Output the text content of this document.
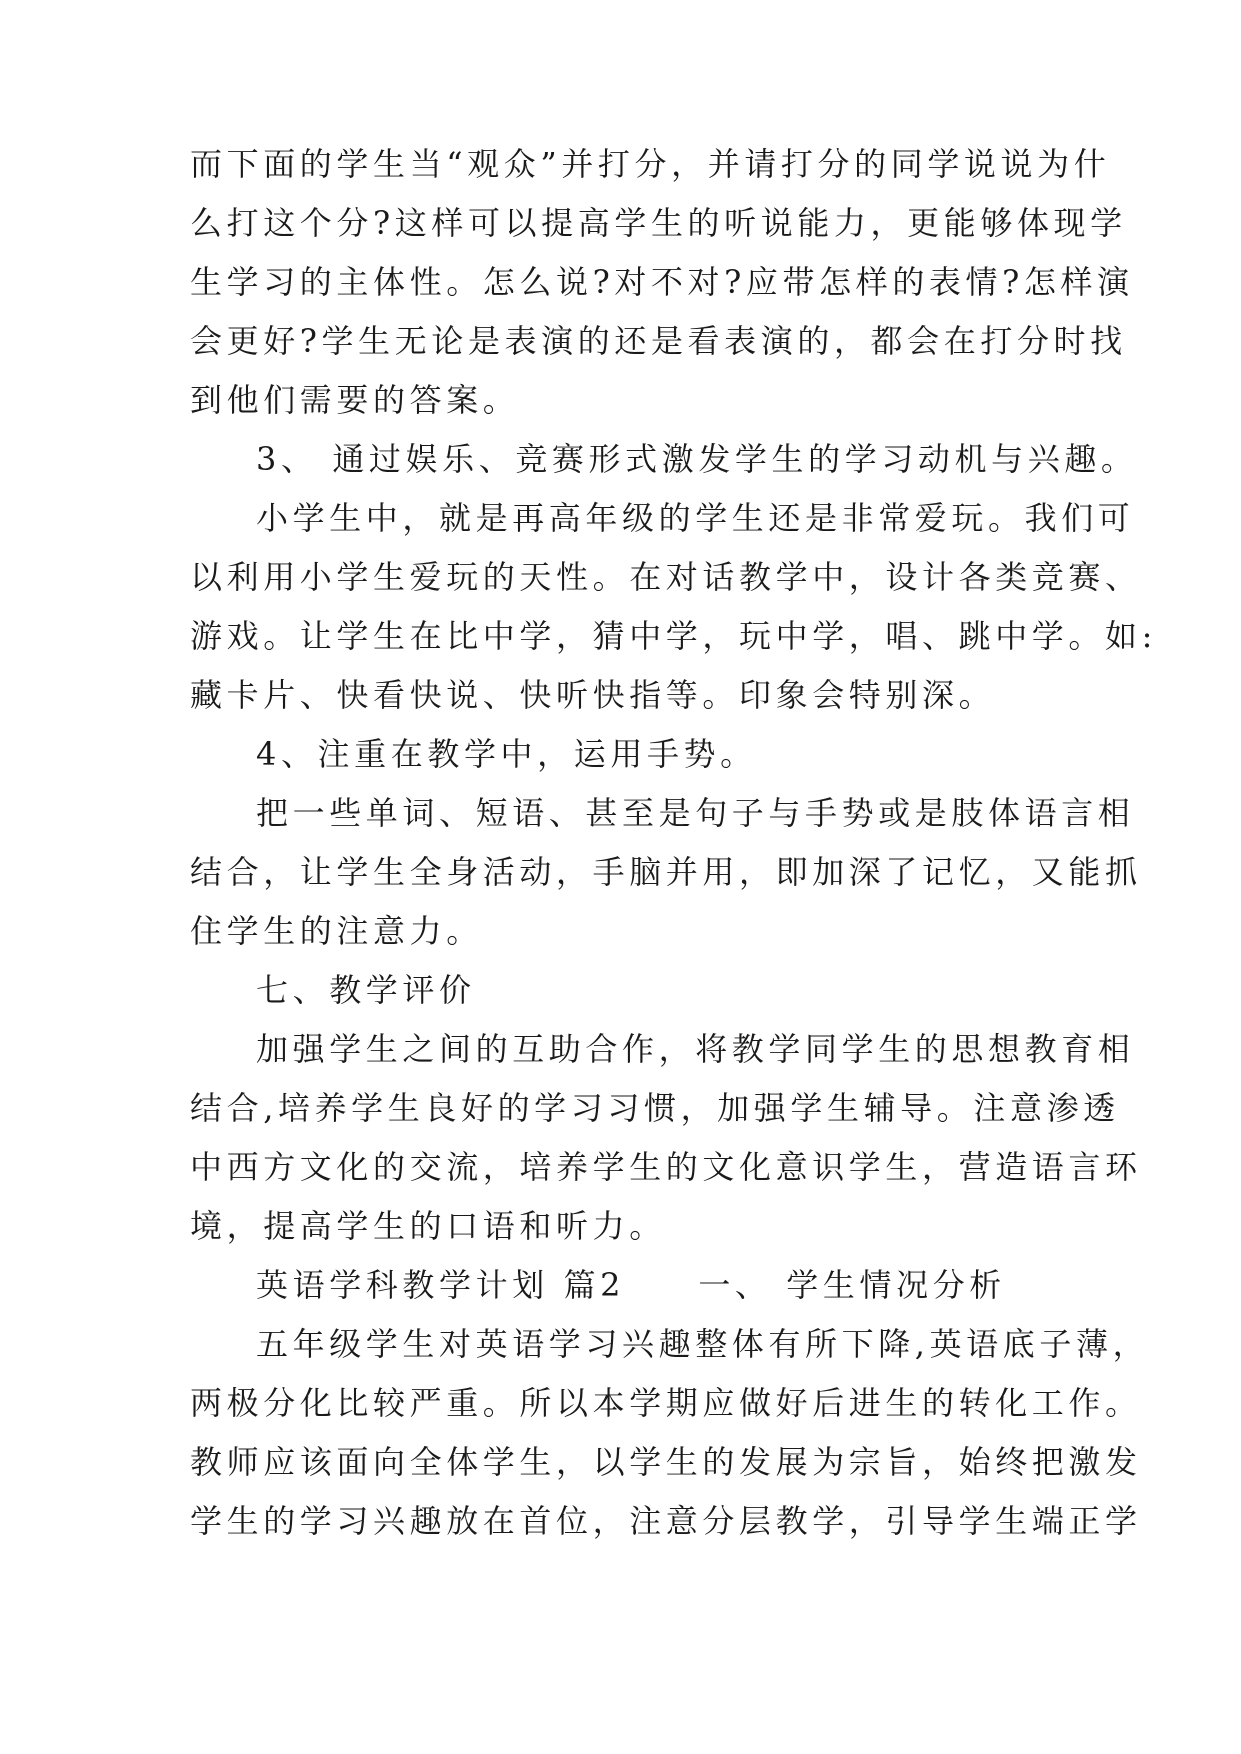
而下面的学生当“观众”并打分，并请打分的同学说说为什
么打这个分?这样可以提高学生的听说能力，更能够体现学
生学习的主体性。怎么说?对不对?应带怎样的表情?怎样演
会更好?学生无论是表演的还是看表演的，都会在打分时找
到他们需要的答案。
3、 通过娱乐、竞赛形式激发学生的学习动机与兴趣。
小学生中，就是再高年级的学生还是非常爱玩。我们可
以利用小学生爱玩的天性。在对话教学中，设计各类竞赛、
游戏。让学生在比中学，猜中学，玩中学，唱、跳中学。如:
藏卡片、快看快说、快听快指等。印象会特别深。
4、注重在教学中，运用手势。
把一些单词、短语、甚至是句子与手势或是肢体语言相
结合，让学生全身活动，手脑并用，即加深了记忆，又能抓
住学生的注意力。
七、教学评价
加强学生之间的互助合作，将教学同学生的思想教育相
结合,培养学生良好的学习习惯，加强学生辅导。注意渗透
中西方文化的交流，培养学生的文化意识学生，营造语言环
境，提高学生的口语和听力。
英语学科教学计划 篇2　　一、 学生情况分析
五年级学生对英语学习兴趣整体有所下降,英语底子薄，
两极分化比较严重。所以本学期应做好后进生的转化工作。
教师应该面向全体学生，以学生的发展为宗旨，始终把激发
学生的学习兴趣放在首位，注意分层教学，引导学生端正学
